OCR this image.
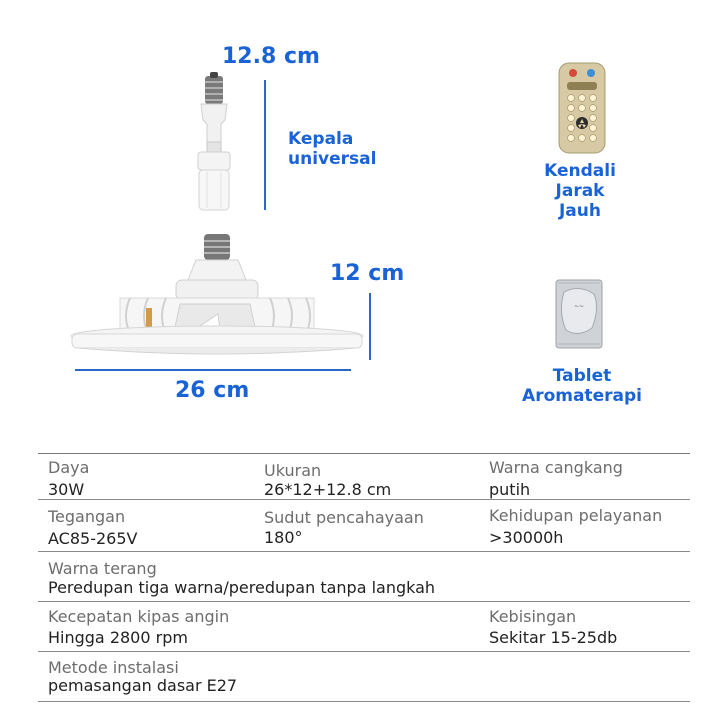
12.8 cm
Kepala universal
12 cm
26 cm
Kendali Jarak Jauh
~~
Tablet Aromaterapi
Daya
30W
Ukuran
26*12+12.8 cm
Warna cangkang
putih
Tegangan
AC85-265V
Sudut pencahayaan
180°
Kehidupan pelayanan
>30000h
Warna terang
Peredupan tiga warna/peredupan tanpa langkah
Kecepatan kipas angin
Hingga 2800 rpm
Kebisingan
Sekitar 15-25db
Metode instalasi
pemasangan dasar E27
